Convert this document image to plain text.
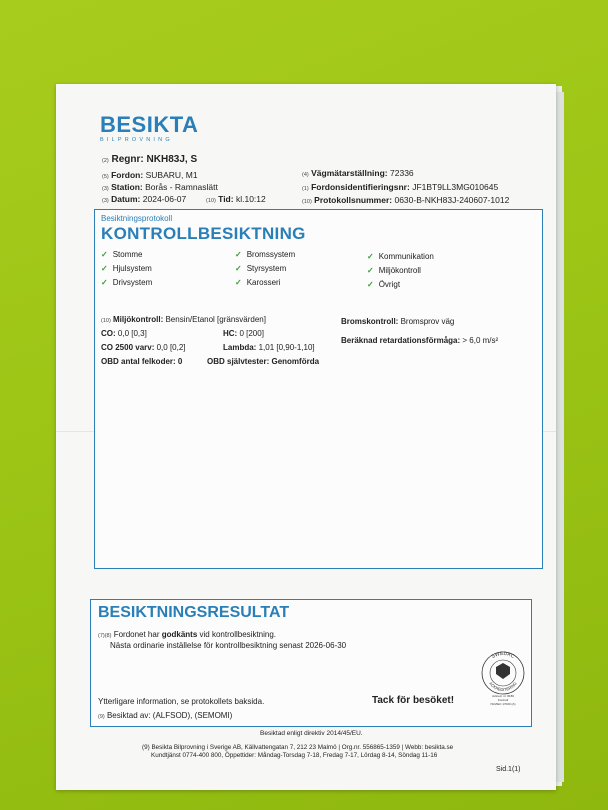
BESIKTA
BILPROVNING
(2) Regnr: NKH83J, S
(5) Fordon: SUBARU, M1
(3) Station: Borås - Ramnaslätt
(3) Datum: 2024-06-07	(10) Tid: kl.10:12
(4) Vägmätarställning: 72336
(1) Fordonsidentifieringsnr: JF1BT9LL3MG010645
(10) Protokollsnummer: 0630-B-NKH83J-240607-1012
Besiktningsprotokoll
KONTROLLBESIKTNING
✓ Stomme
✓ Hjulsystem
✓ Drivsystem
✓ Bromssystem
✓ Styrsystem
✓ Karosseri
✓ Kommunikation
✓ Miljökontroll
✓ Övrigt
(10) Miljökontroll: Bensin/Etanol [gränsvärden]
CO: 0,0 [0,3]	HC: 0 [200]
CO 2500 varv: 0,0 [0,2]	Lambda: 1,01 [0,90-1,10]
OBD antal felkoder: 0	OBD självtester: Genomförda
Bromskontroll: Bromsprov väg
Beräknad retardationsförmåga: > 6,0 m/s²
BESIKTNINGSRESULTAT
(7)(8) Fordonet har godkänts vid kontrollbesiktning.
Nästa ordinarie inställelse för kontrollbesiktning senast 2026-06-30
Ytterligare information, se protokollets baksida.	Tack för besöket!
(9) Besiktad av: (ALFSOD), (SEMOMI)
SWEDAC
ACKREDITERING
Ackred. nr. 8180
Kontroll
ISO/IEC 17020 (A)
Besiktad enligt direktiv 2014/45/EU.
(9) Besikta Bilprovning i Sverige AB, Källvattengatan 7, 212 23 Malmö | Org.nr. 556865-1359 | Webb: besikta.se
Kundtjänst 0774-400 800, Öppettider: Måndag-Torsdag 7-18, Fredag 7-17, Lördag 8-14, Söndag 11-16
Sid.1(1)
